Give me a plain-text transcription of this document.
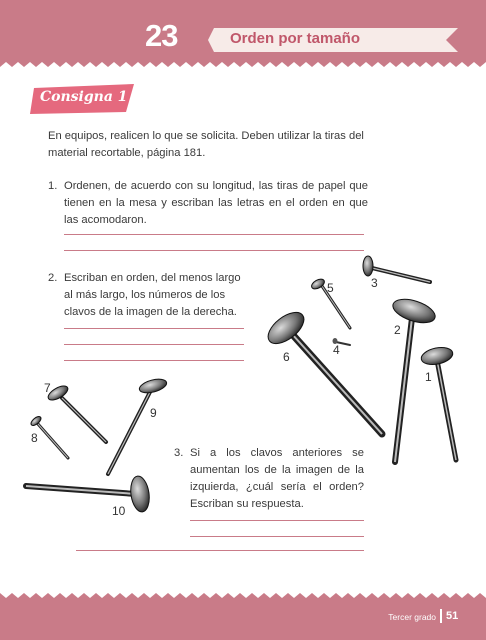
23	Orden por tamaño
Consigna 1

En equipos, realicen lo que se solicita. Deben utilizar la tiras del material recortable, página 181.

1. Ordenen, de acuerdo con su longitud, las tiras de papel que tienen en la mesa y escriban las letras en el orden en que las acomodaron.

2. Escriban en orden, del menos largo al más largo, los números de los clavos de la imagen de la derecha.

3. Si a los clavos anteriores se aumentan los de la imagen de la izquierda, ¿cuál sería el orden? Escriban su respuesta.

1
2
3
4
5
6
7
8
9
10
Tercer grado 51
